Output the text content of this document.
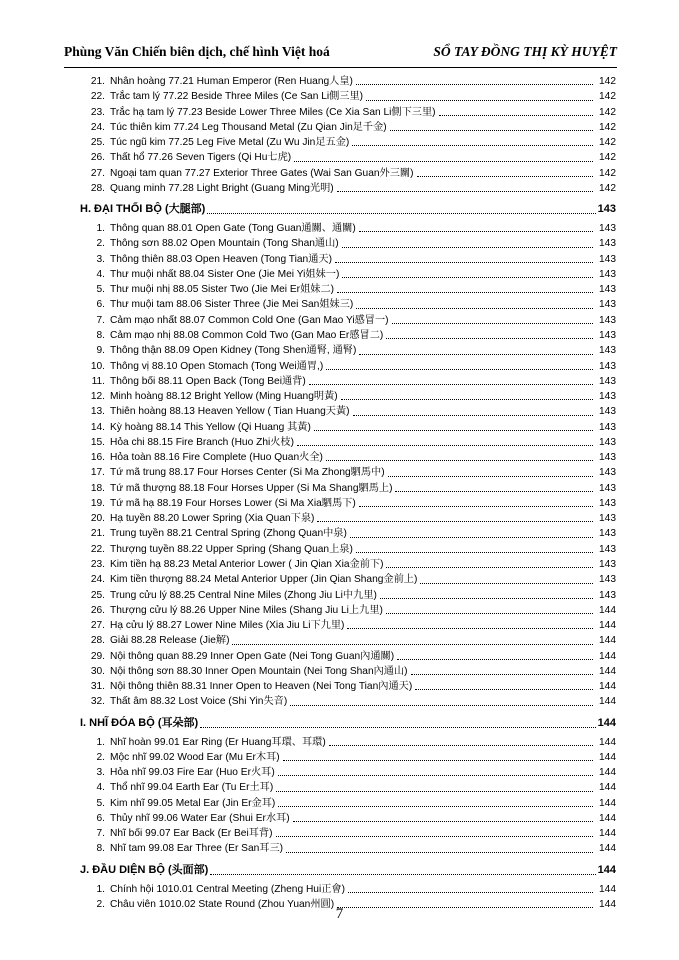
Phùng Văn Chiến biên dịch, chế hình Việt hoá	SỔ TAY ĐỒNG THỊ KỲ HUYỆT
21. Nhân hoàng 77.21 Human Emperor (Ren Huang人皇)	142
22. Trắc tam lý 77.22 Beside Three Miles (Ce San Li側三里)	142
23. Trắc hạ tam lý 77.23 Beside Lower Three Miles (Ce Xia San Li側下三里)	142
24. Túc thiên kim 77.24 Leg Thousand Metal (Zu Qian Jin足千金)	142
25. Túc ngũ kim 77.25 Leg Five Metal (Zu Wu Jin足五金)	142
26. Thất hổ 77.26 Seven Tigers (Qi Hu七虎)	142
27. Ngoại tam quan 77.27 Exterior Three Gates (Wai San Guan外三關)	142
28. Quang minh 77.28 Light Bright (Guang Ming光明)	142
H. ĐẠI THỐI BỘ (大腿部)	143
1. Thông quan 88.01 Open Gate (Tong Guan通關、通關)	143
2. Thông sơn 88.02 Open Mountain (Tong Shan通山)	143
3. Thông thiên 88.03 Open Heaven (Tong Tian通天)	143
4. Thư muội nhất 88.04 Sister One (Jie Mei Yi姐妹一)	143
5. Thư muội nhị 88.05 Sister Two (Jie Mei Er姐妹二)	143
6. Thư muội tam 88.06 Sister Three (Jie Mei San姐妹三)	143
7. Cảm mạo nhất 88.07 Common Cold One (Gan Mao Yi感冒一)	143
8. Cảm mạo nhị 88.08 Common Cold Two (Gan Mao Er感冒二)	143
9. Thông thận 88.09 Open Kidney (Tong Shen通腎, 通腎)	143
10. Thông vị 88.10 Open Stomach (Tong Wei通胃,)	143
11. Thông bối 88.11 Open Back (Tong Bei通背)	143
12. Minh hoàng 88.12 Bright Yellow (Ming Huang明黃)	143
13. Thiên hoàng 88.13 Heaven Yellow ( Tian Huang天黃)	143
14. Kỳ hoàng 88.14 This Yellow (Qi Huang 其黃)	143
15. Hỏa chi 88.15 Fire Branch (Huo Zhi火枝)	143
16. Hỏa toàn 88.16 Fire Complete (Huo Quan火全)	143
17. Tứ mã trung 88.17 Four Horses Center (Si Ma Zhong駟馬中)	143
18. Tứ mã thượng 88.18 Four Horses Upper (Si Ma Shang駟馬上)	143
19. Tứ mã hạ 88.19 Four Horses Lower (Si Ma Xia駟馬下)	143
20. Hạ tuyền 88.20 Lower Spring (Xia Quan下泉)	143
21. Trung tuyền 88.21 Central Spring (Zhong Quan中泉)	143
22. Thượng tuyền 88.22 Upper Spring (Shang Quan上泉)	143
23. Kim tiền hạ 88.23 Metal Anterior Lower ( Jin Qian Xia金前下)	143
24. Kim tiền thượng 88.24 Metal Anterior Upper (Jin Qian Shang金前上)	143
25. Trung cửu lý 88.25 Central Nine Miles (Zhong Jiu Li中九里)	143
26. Thượng cửu lý 88.26 Upper Nine Miles (Shang Jiu Li上九里)	144
27. Hạ cửu lý 88.27 Lower Nine Miles (Xia Jiu Li下九里)	144
28. Giải 88.28 Release (Jie解)	144
29. Nội thông quan 88.29 Inner Open Gate (Nei Tong Guan內通關)	144
30. Nội thông sơn 88.30 Inner Open Mountain (Nei Tong Shan內通山)	144
31. Nội thông thiên 88.31 Inner Open to Heaven (Nei Tong Tian內通天)	144
32. Thất âm 88.32 Lost Voice (Shi Yin失音)	144
I. NHĨ ĐÓA BỘ (耳朵部)	144
1. Nhĩ hoàn 99.01 Ear Ring (Er Huang耳環、耳環)	144
2. Mộc nhĩ 99.02 Wood Ear (Mu Er木耳)	144
3. Hỏa nhĩ 99.03 Fire Ear (Huo Er火耳)	144
4. Thổ nhĩ 99.04 Earth Ear (Tu Er土耳)	144
5. Kim nhĩ 99.05 Metal Ear (Jin Er金耳)	144
6. Thủy nhĩ 99.06 Water Ear (Shui Er水耳)	144
7. Nhĩ bối 99.07 Ear Back (Er Bei耳背)	144
8. Nhĩ tam 99.08 Ear Three (Er San耳三)	144
J. ĐẦU DIỆN BỘ (头面部)	144
1. Chính hội 1010.01 Central Meeting (Zheng Hui正會)	144
2. Châu viên 1010.02 State Round (Zhou Yuan州圓)	144
7
